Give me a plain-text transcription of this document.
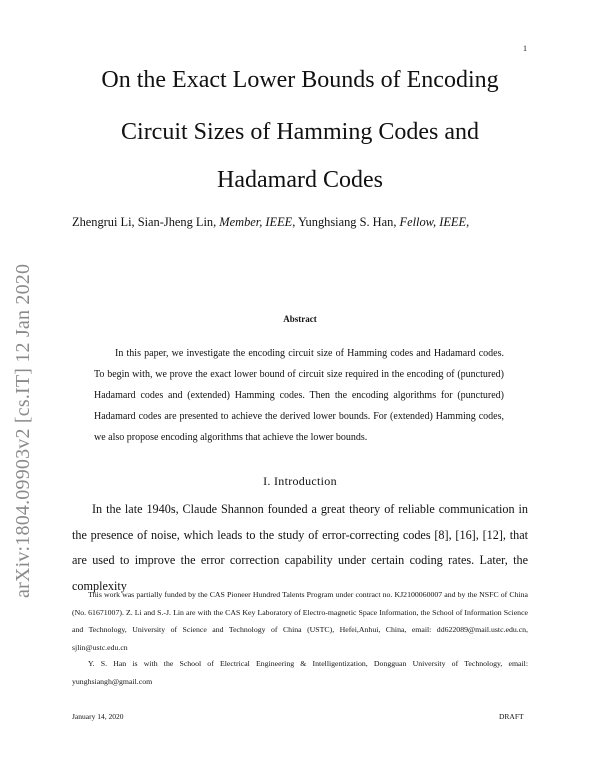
1
On the Exact Lower Bounds of Encoding
Circuit Sizes of Hamming Codes and
Hadamard Codes
Zhengrui Li, Sian-Jheng Lin, Member, IEEE, Yunghsiang S. Han, Fellow, IEEE,
arXiv:1804.09903v2 [cs.IT] 12 Jan 2020	Abstract
In this paper, we investigate the encoding circuit size of Hamming codes and Hadamard codes. To begin with, we prove the exact lower bound of circuit size required in the encoding of (punctured) Hadamard codes and (extended) Hamming codes. Then the encoding algorithms for (punctured) Hadamard codes are presented to achieve the derived lower bounds. For (extended) Hamming codes, we also propose encoding algorithms that achieve the lower bounds.
I. Introduction
In the late 1940s, Claude Shannon founded a great theory of reliable communication in the presence of noise, which leads to the study of error-correcting codes [8], [16], [12], that are used to improve the error correction capability under certain coding rates. Later, the complexity
This work was partially funded by the CAS Pioneer Hundred Talents Program under contract no. KJ2100060007 and by the NSFC of China (No. 61671007). Z. Li and S.-J. Lin are with the CAS Key Laboratory of Electro-magnetic Space Information, the School of Information Science and Technology, University of Science and Technology of China (USTC), Hefei,Anhui, China, email: dd622089@mail.ustc.edu.cn, sjlin@ustc.edu.cn
Y. S. Han is with the School of Electrical Engineering & Intelligentization, Dongguan University of Technology, email: yunghsiangh@gmail.com
January 14, 2020	DRAFT
